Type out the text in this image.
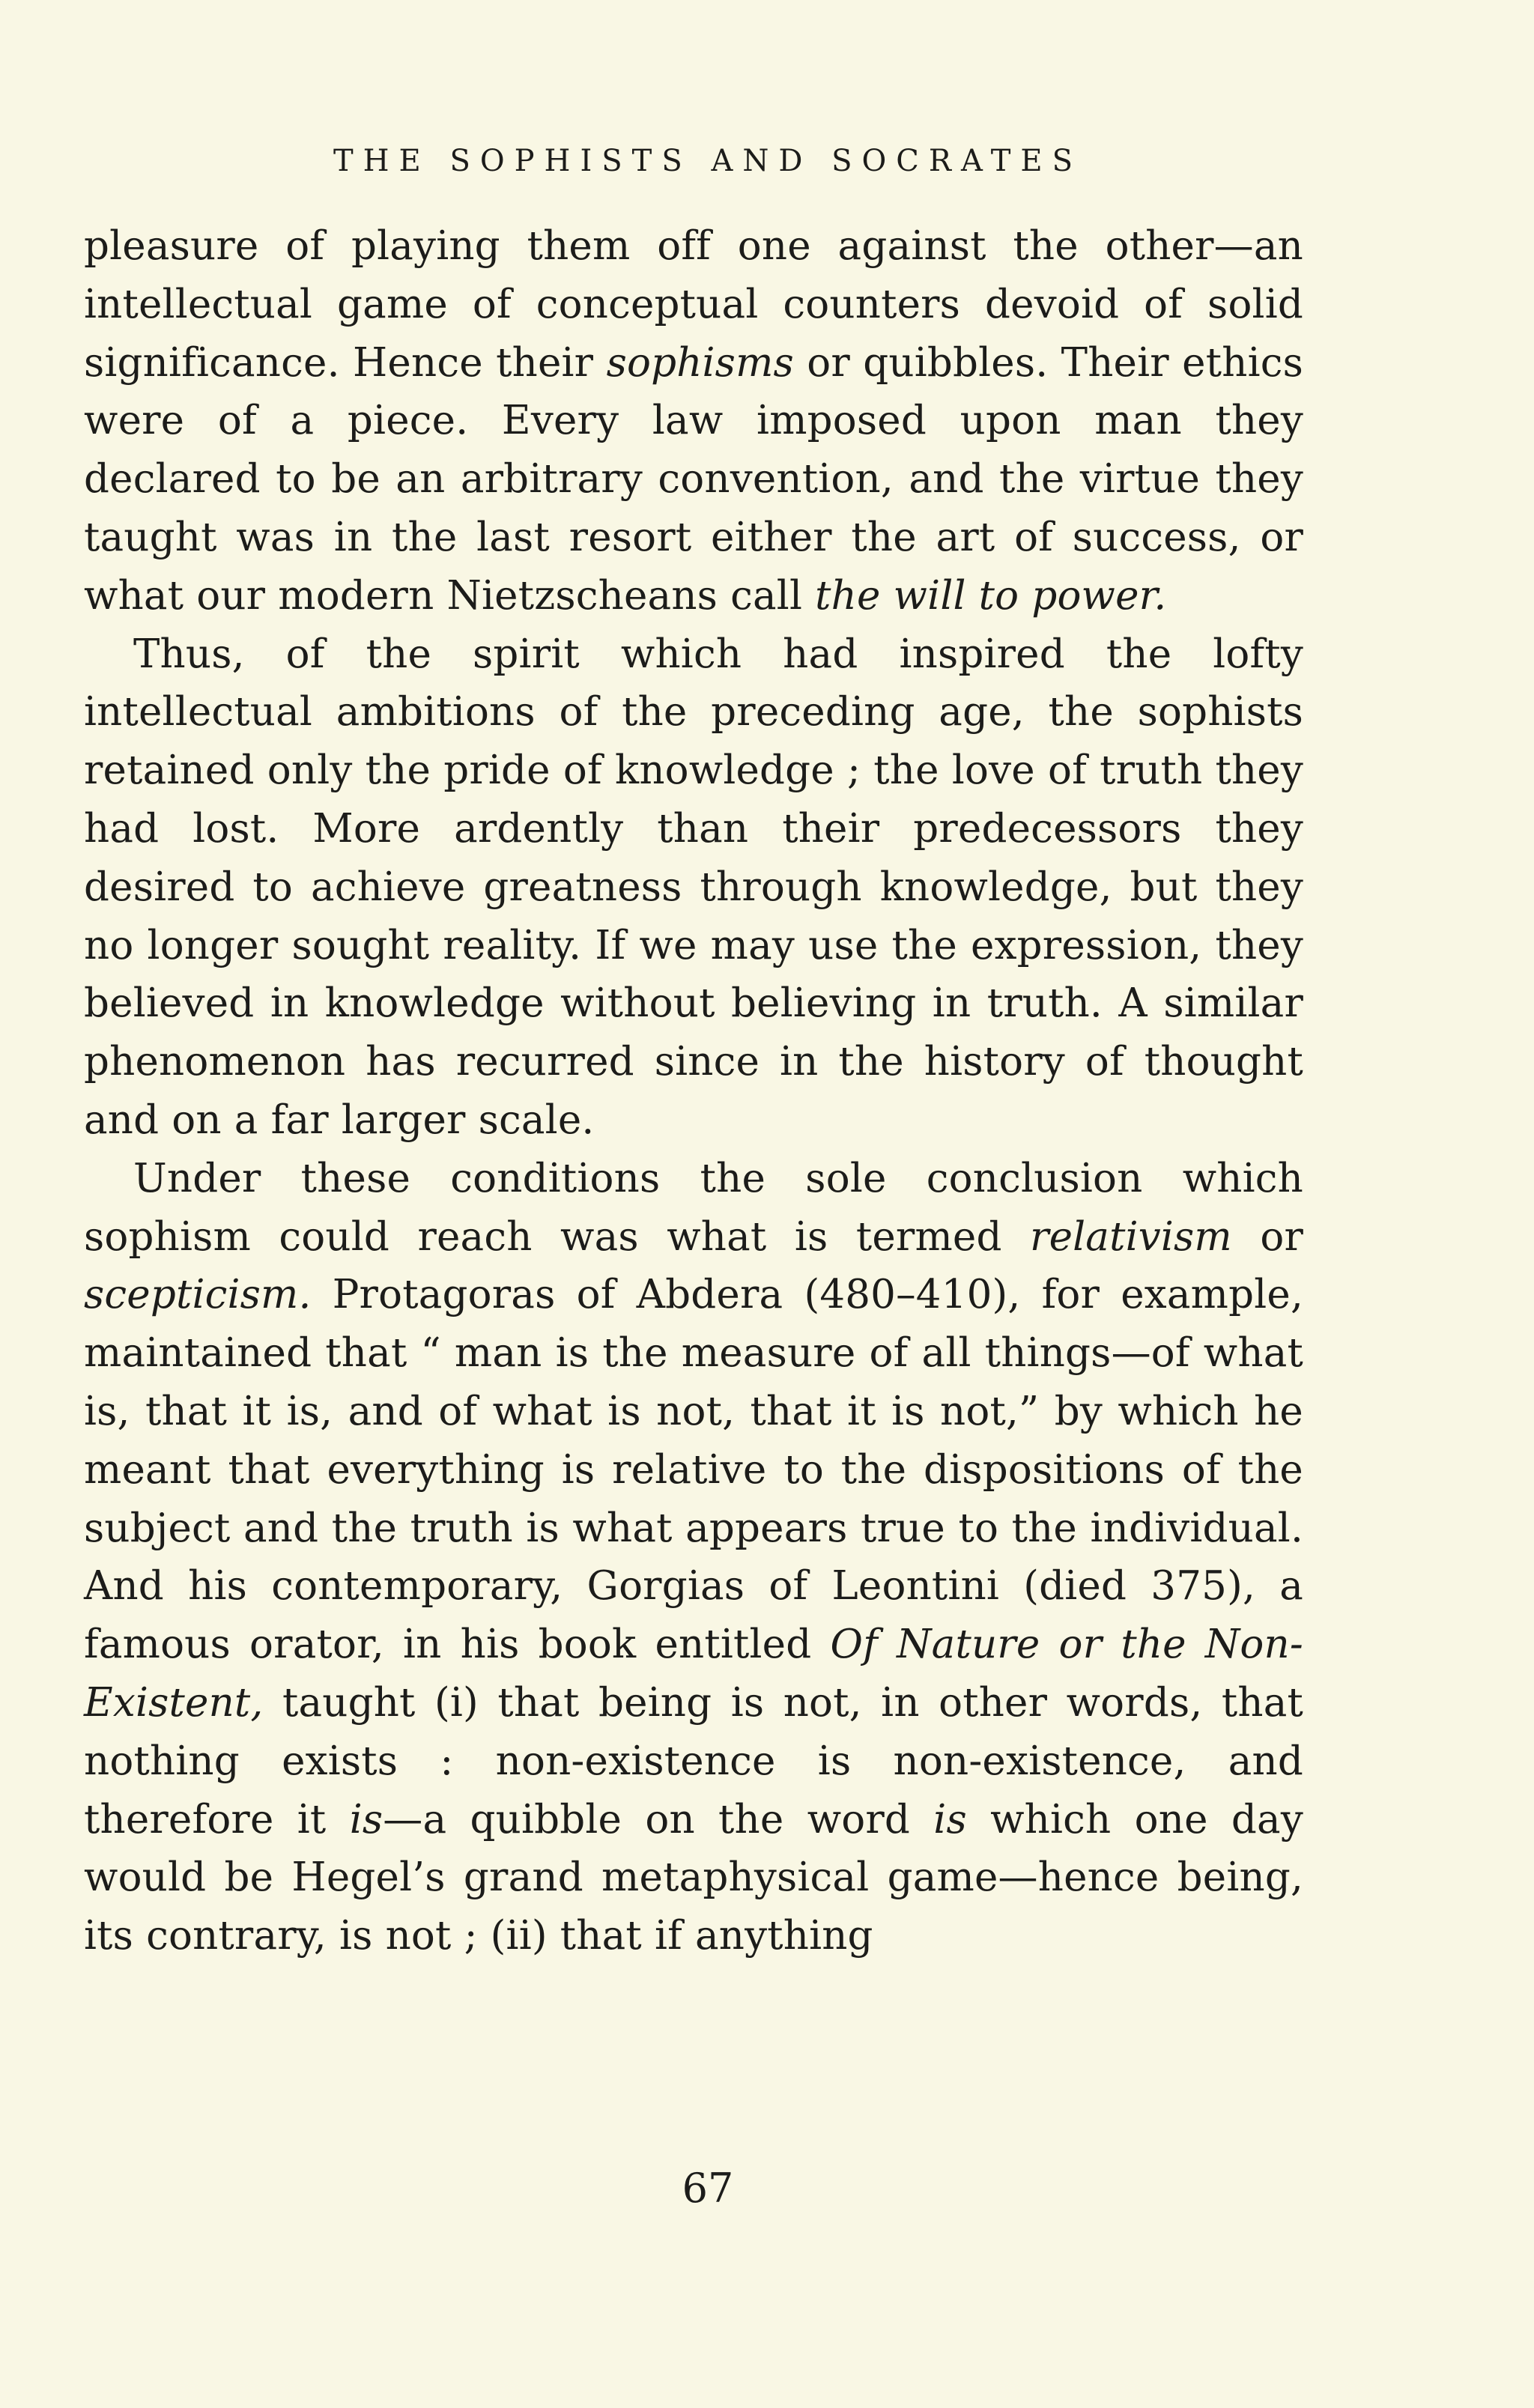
THE SOPHISTS AND SOCRATES

pleasure of playing them off one against the other—an intellectual game of conceptual counters devoid of solid significance. Hence their sophisms or quibbles. Their ethics were of a piece. Every law imposed upon man they declared to be an arbitrary convention, and the virtue they taught was in the last resort either the art of success, or what our modern Nietzscheans call the will to power.

Thus, of the spirit which had inspired the lofty intellectual ambitions of the preceding age, the sophists retained only the pride of knowledge ; the love of truth they had lost. More ardently than their predecessors they desired to achieve greatness through knowledge, but they no longer sought reality. If we may use the expression, they believed in knowledge without believing in truth. A similar phenomenon has recurred since in the history of thought and on a far larger scale.

Under these conditions the sole conclusion which sophism could reach was what is termed relativism or scepticism. Protagoras of Abdera (480–410), for example, maintained that “ man is the measure of all things—of what is, that it is, and of what is not, that it is not,” by which he meant that everything is relative to the dispositions of the subject and the truth is what appears true to the individual. And his contemporary, Gorgias of Leontini (died 375), a famous orator, in his book entitled Of Nature or the Non-Existent, taught (i) that being is not, in other words, that nothing exists : non-existence is non-existence, and therefore it is—a quibble on the word is which one day would be Hegel’s grand metaphysical game—hence being, its contrary, is not ; (ii) that if anything

67
